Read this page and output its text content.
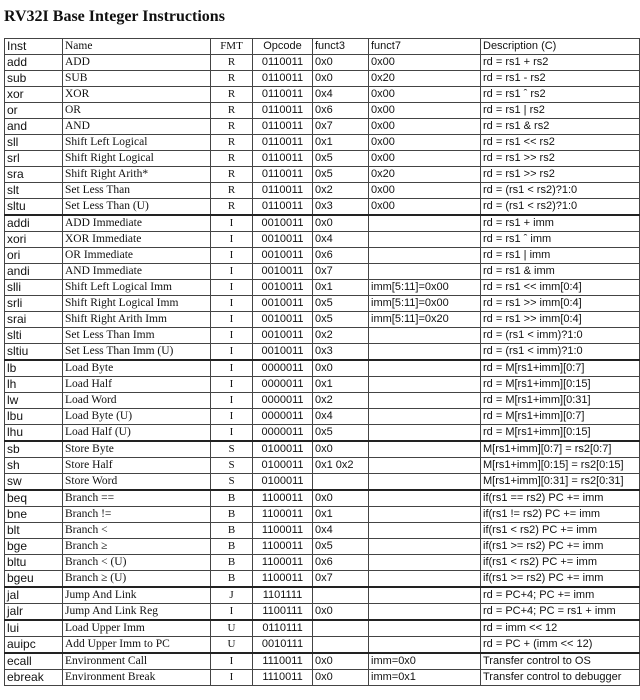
RV32I Base Integer Instructions
Inst	Name	FMT	Opcode	funct3	funct7	Description (C)
add	ADD	R	0110011	0x0	0x00	rd = rs1 + rs2
sub	SUB	R	0110011	0x0	0x20	rd = rs1 - rs2
xor	XOR	R	0110011	0x4	0x00	rd = rs1 ˆ rs2
or	OR	R	0110011	0x6	0x00	rd = rs1 | rs2
and	AND	R	0110011	0x7	0x00	rd = rs1 & rs2
sll	Shift Left Logical	R	0110011	0x1	0x00	rd = rs1 << rs2
srl	Shift Right Logical	R	0110011	0x5	0x00	rd = rs1 >> rs2
sra	Shift Right Arith*	R	0110011	0x5	0x20	rd = rs1 >> rs2
slt	Set Less Than	R	0110011	0x2	0x00	rd = (rs1 < rs2)?1:0
sltu	Set Less Than (U)	R	0110011	0x3	0x00	rd = (rs1 < rs2)?1:0
addi	ADD Immediate	I	0010011	0x0		rd = rs1 + imm
xori	XOR Immediate	I	0010011	0x4		rd = rs1 ˆ imm
ori	OR Immediate	I	0010011	0x6		rd = rs1 | imm
andi	AND Immediate	I	0010011	0x7		rd = rs1 & imm
slli	Shift Left Logical Imm	I	0010011	0x1	imm[5:11]=0x00	rd = rs1 << imm[0:4]
srli	Shift Right Logical Imm	I	0010011	0x5	imm[5:11]=0x00	rd = rs1 >> imm[0:4]
srai	Shift Right Arith Imm	I	0010011	0x5	imm[5:11]=0x20	rd = rs1 >> imm[0:4]
slti	Set Less Than Imm	I	0010011	0x2		rd = (rs1 < imm)?1:0
sltiu	Set Less Than Imm (U)	I	0010011	0x3		rd = (rs1 < imm)?1:0
lb	Load Byte	I	0000011	0x0		rd = M[rs1+imm][0:7]
lh	Load Half	I	0000011	0x1		rd = M[rs1+imm][0:15]
lw	Load Word	I	0000011	0x2		rd = M[rs1+imm][0:31]
lbu	Load Byte (U)	I	0000011	0x4		rd = M[rs1+imm][0:7]
lhu	Load Half (U)	I	0000011	0x5		rd = M[rs1+imm][0:15]
sb	Store Byte	S	0100011	0x0		M[rs1+imm][0:7] = rs2[0:7]
sh	Store Half	S	0100011	0x1 0x2		M[rs1+imm][0:15] = rs2[0:15]
sw	Store Word	S	0100011			M[rs1+imm][0:31] = rs2[0:31]
beq	Branch ==	B	1100011	0x0		if(rs1 == rs2) PC += imm
bne	Branch !=	B	1100011	0x1		if(rs1 != rs2) PC += imm
blt	Branch <	B	1100011	0x4		if(rs1 < rs2) PC += imm
bge	Branch ≥	B	1100011	0x5		if(rs1 >= rs2) PC += imm
bltu	Branch < (U)	B	1100011	0x6		if(rs1 < rs2) PC += imm
bgeu	Branch ≥ (U)	B	1100011	0x7		if(rs1 >= rs2) PC += imm
jal	Jump And Link	J	1101111			rd = PC+4; PC += imm
jalr	Jump And Link Reg	I	1100111	0x0		rd = PC+4; PC = rs1 + imm
lui	Load Upper Imm	U	0110111			rd = imm << 12
auipc	Add Upper Imm to PC	U	0010111			rd = PC + (imm << 12)
ecall	Environment Call	I	1110011	0x0	imm=0x0	Transfer control to OS
ebreak	Environment Break	I	1110011	0x0	imm=0x1	Transfer control to debugger
